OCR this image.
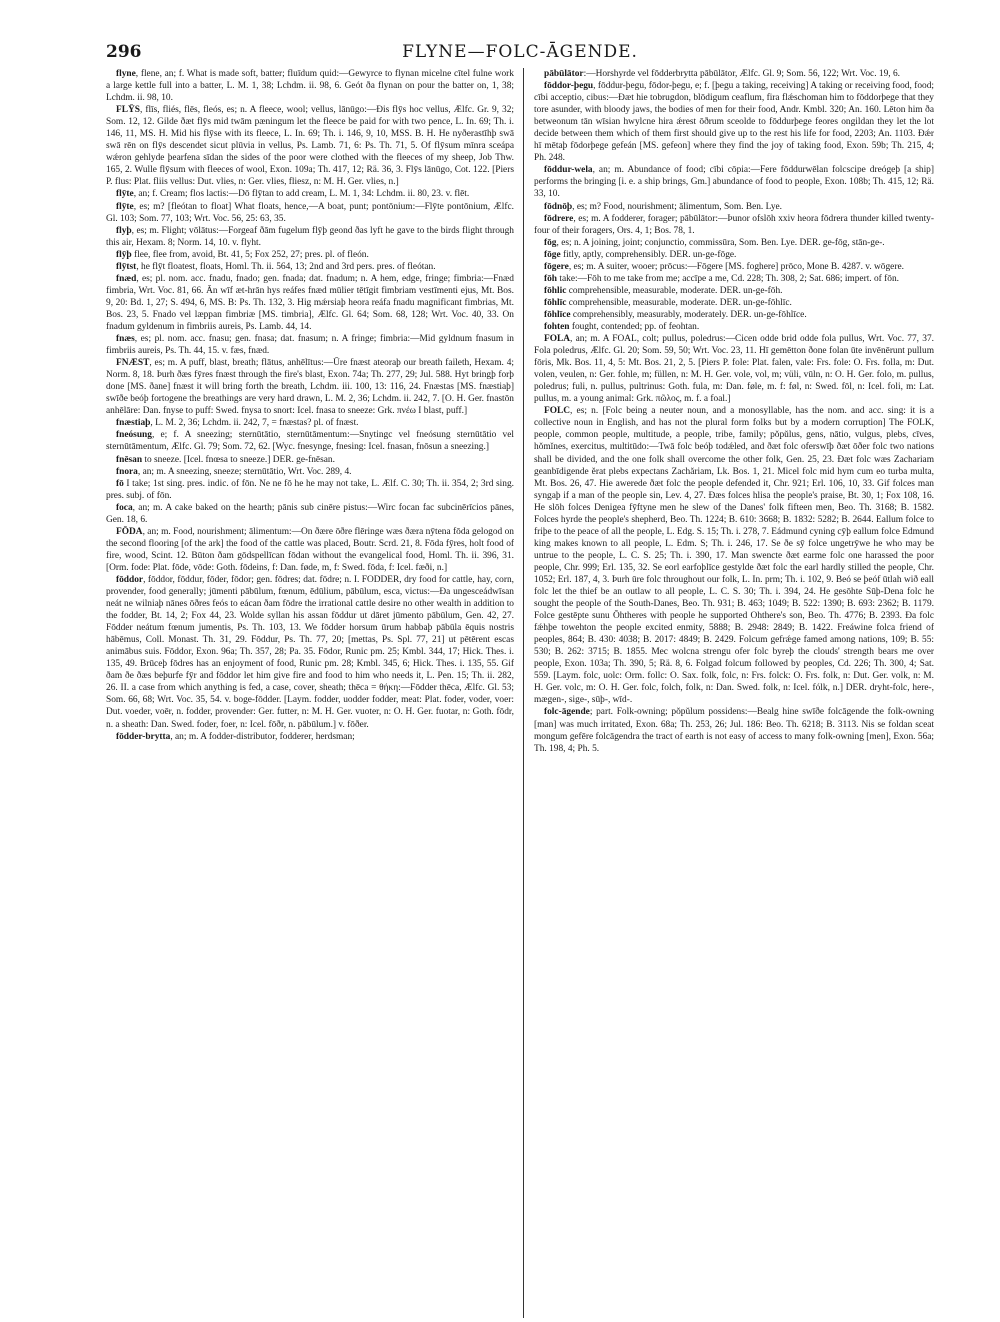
296	FLYNE—FOLC-ĀGENDE.

flyne, flene, an; f. What is made soft, batter; fluīdum quid:—Gewyrce to flynan micelne cītel fulne work a large kettle full into a batter, L. M. 1, 38; Lchdm. ii. 98, 6. Geót ða flynan on pour the batter on, 1, 38; Lchdm. ii. 98, 10.

FLȲS, flīs, fliés, flēs, fleós, es; n. A fleece, wool; vellus, lānūgo:—Ðis flȳs hoc vellus, Ælfc. Gr. 9, 32; Som. 12, 12. Gilde ðæt flȳs mid twām pæningum let the fleece be paid for with two pence, L. In. 69; Th. i. 146, 11, MS. H. Mid his flȳse with its fleece, L. In. 69; Th. i. 146, 9, 10, MSS. B. H. He nyðerastīhþ swā swā rēn on flȳs descendet sicut plūvia in vellus, Ps. Lamb. 71, 6: Ps. Th. 71, 5. Of flȳsum mīnra sceápa wǽron gehlyde þearfena sīdan the sides of the poor were clothed with the fleeces of my sheep, Job Thw. 165, 2. Wulle flȳsum with fleeces of wool, Exon. 109a; Th. 417, 12; Rä. 36, 3. Flȳs lānūgo, Cot. 122. [Piers P. flus: Plat. fliis vellus: Dut. vlies, n: Ger. vlies, fliesz, n: M. H. Ger. vlies, n.]

flȳte, an; f. Cream; flos lactis:—Dō flȳtan to add cream, L. M. 1, 34: Lchdm. ii. 80, 23. v. flēt.

flȳte, es; m? [fleótan to float] What floats, hence,—A boat, punt; pontōnium:—Flȳte pontōnium, Ælfc. Gl. 103; Som. 77, 103; Wrt. Voc. 56, 25: 63, 35.

flyþ, es; m. Flight; vōlātus:—Forgeaf ðām fugelum flȳþ geond ðas lyft he gave to the birds flight through this air, Hexam. 8; Norm. 14, 10. v. flyht.

flȳþ flee, flee from, avoid, Bt. 41, 5; Fox 252, 27; pres. pl. of fleón.

flȳtst, he flȳt floatest, floats, Homl. Th. ii. 564, 13; 2nd and 3rd pers. pres. of fleótan.

fnæd, es; pl. nom. acc. fnadu, fnado; gen. fnada; dat. fnadum; n. A hem, edge, fringe; fimbria:—Fnæd fimbria, Wrt. Voc. 81, 66. Ān wīf æt-hrān hys reáfes fnæd mūlier tētīgit fimbriam vestīmenti ejus, Mt. Bos. 9, 20: Bd. 1, 27; S. 494, 6, MS. B: Ps. Th. 132, 3. Hig mǽrsiaþ heora reáfa fnadu magnificant fimbrias, Mt. Bos. 23, 5. Fnado vel læppan fimbriæ [MS. timbria], Ælfc. Gl. 64; Som. 68, 128; Wrt. Voc. 40, 33. On fnadum gyldenum in fimbriis aureis, Ps. Lamb. 44, 14.

fnæs, es; pl. nom. acc. fnasu; gen. fnasa; dat. fnasum; n. A fringe; fimbria:—Mid gyldnum fnasum in fimbriis aureis, Ps. Th. 44, 15. v. fæs, fnæd.

FNÆST, es; m. A puff, blast, breath; flātus, anhēlītus:—Ūre fnæst ateoraþ our breath faileth, Hexam. 4; Norm. 8, 18. Þurh ðæs fȳres fnæst through the fire's blast, Exon. 74a; Th. 277, 29; Jul. 588. Hyt bringþ forþ done [MS. ðane] fnæst it will bring forth the breath, Lchdm. iii. 100, 13: 116, 24. Fnæstas [MS. fnæstiaþ] swīðe beóþ fortogene the breathings are very hard drawn, L. M. 2, 36; Lchdm. ii. 242, 7. [O. H. Ger. fnastōn anhēlāre: Dan. fnyse to puff: Swed. fnysa to snort: Icel. fnasa to sneeze: Grk. πνέω I blast, puff.]

fnæstiaþ, L. M. 2, 36; Lchdm. ii. 242, 7, = fnæstas? pl. of fnæst.

fneósung, e; f. A sneezing; sternūtātio, sternūtāmentum:—Snytingc vel fneósung sternūtātio vel sternūtāmentum, Ælfc. Gl. 79; Som. 72, 62. [Wyc. fnesynge, fnesing: Icel. fnasan, fnōsun a sneezing.]

fnēsan to sneeze. [Icel. fnœsa to sneeze.] DER. ge-fnēsan.

fnora, an; m. A sneezing, sneeze; sternūtātio, Wrt. Voc. 289, 4.

fō I take; 1st sing. pres. indic. of fōn. Ne ne fō he he may not take, L. Ælf. C. 30; Th. ii. 354, 2; 3rd sing. pres. subj. of fōn.

foca, an; m. A cake baked on the hearth; pānis sub cinēre pistus:—Wirc focan fac subcinērīcios pānes, Gen. 18, 6.

FŌDA, an; m. Food, nourishment; ālimentum:—On ðære ōðre flēringe wæs ðæra nȳtena fōda gelogod on the second flooring [of the ark] the food of the cattle was placed, Boutr. Scrd. 21, 8. Fōda fȳres, holt food of fire, wood, Scint. 12. Būton ðam gōdspellīcan fōdan without the evangelical food, Homl. Th. ii. 396, 31. [Orm. fode: Plat. fōde, vōde: Goth. fōdeins, f: Dan. føde, m, f: Swed. fōda, f: Icel. fæði, n.]

fōddor, fōddor, fōddur, fōder, fōdor; gen. fōdres; dat. fōdre; n. I. FODDER, dry food for cattle, hay, corn, provender, food generally; jūmenti pābūlum, fœnum, ēdūlium, pābūlum, esca, victus:—Ða ungesceádwīsan neát ne wilniaþ nānes ōðres feós to eácan ðam fōdre the irrational cattle desire no other wealth in addition to the fodder, Bt. 14, 2; Fox 44, 23. Wolde syllan his assan fōddur ut dāret jūmento pābūlum, Gen. 42, 27. Fōdder neátum fœnum jumentis, Ps. Th. 103, 13. We fōdder horsum ūrum habbaþ pābūla ēquis nostris hābēmus, Coll. Monast. Th. 31, 29. Fōddur, Ps. Th. 77, 20; [mettas, Ps. Spl. 77, 21] ut pētērent escas animābus suis. Fōddor, Exon. 96a; Th. 357, 28; Pa. 35. Fōdor, Runic pm. 25; Kmbl. 344, 17; Hick. Thes. i. 135, 49. Brūceþ fōdres has an enjoyment of food, Runic pm. 28; Kmbl. 345, 6; Hick. Thes. i. 135, 55. Gif ðam ðe ðæs beþurfe fȳr and fōddor let him give fire and food to him who needs it, L. Pen. 15; Th. ii. 282, 26. II. a case from which anything is fed, a case, cover, sheath; thēca = θήκη:—Fōdder thēca, Ælfc. Gl. 53; Som. 66, 68; Wrt. Voc. 35, 54. v. boge-fōdder. [Laym. fodder, uodder fodder, meat: Plat. foder, voder, voer: Dut. voeder, voēr, n. fodder, provender: Ger. futter, n: M. H. Ger. vuoter, n: O. H. Ger. fuotar, n: Goth. fōdr, n. a sheath: Dan. Swed. foder, foer, n: Icel. fōðr, n. pābūlum.] v. fōðer.

fōdder-brytta, an; m. A fodder-distributor, fodderer, herdsman;

pābūlātor:—Horshyrde vel fōdderbrytta pābūlātor, Ælfc. Gl. 9; Som. 56, 122; Wrt. Voc. 19, 6.

fōddor-þegu, fōddur-þegu, fōdor-þegu, e; f. [þegu a taking, receiving] A taking or receiving food, food; cībi acceptio, cibus:—Ðæt hie tobrugdon, blōdigum ceaflum, fira flǽschoman him to fōddorþege that they tore asunder, with bloody jaws, the bodies of men for their food, Andr. Kmbl. 320; An. 160. Lēton him ða betweonum tān wīsian hwylcne hira ǽrest ōðrum sceolde to fōddurþege feores ongildan they let the lot decide between them which of them first should give up to the rest his life for food, 2203; An. 1103. Ðǽr hī mētaþ fōdorþege gefeán [MS. gefeon] where they find the joy of taking food, Exon. 59b; Th. 215, 4; Ph. 248.

fōddur-wela, an; m. Abundance of food; cībi cōpia:—Fere fōddurwēlan folcscipe dreógeþ [a ship] performs the bringing [i. e. a ship brings, Gm.] abundance of food to people, Exon. 108b; Th. 415, 12; Rä. 33, 10.

fōdnōþ, es; m? Food, nourishment; ālimentum, Som. Ben. Lye.

fōdrere, es; m. A fodderer, forager; pābūlātor:—Þunor ofslōh xxiv heora fōdrera thunder killed twenty-four of their foragers, Ors. 4, 1; Bos. 78, 1.

fōg, es; n. A joining, joint; conjunctio, commissūra, Som. Ben. Lye. DER. ge-fōg, stān-ge-.

fōge fitly, aptly, comprehensibly. DER. un-ge-fōge.

fōgere, es; m. A suiter, wooer; prōcus:—Fōgere [MS. foghere] prōco, Mone B. 4287. v. wōgere.

fōh take:—Fōh to me take from me; accīpe a me, Cd. 228; Th. 308, 2; Sat. 686; impert. of fōn.

fōhlic comprehensible, measurable, moderate. DER. un-ge-fōh.

fōhlīc comprehensible, measurable, moderate. DER. un-ge-fōhlīc.

fōhlīce comprehensibly, measurably, moderately. DER. un-ge-fōhlīce.

fohten fought, contended; pp. of feohtan.

FOLA, an; m. A FOAL, colt; pullus, poledrus:—Cicen odde brid odde fola pullus, Wrt. Voc. 77, 37. Fola poledrus, Ælfc. Gl. 20; Som. 59, 50; Wrt. Voc. 23, 11. Hī gemētton ðone folan ūte invēnērunt pullum fōris, Mk. Bos. 11, 4, 5: Mt. Bos. 21, 2, 5. [Piers P. fole: Plat. falen, vale: Frs. fole: O. Frs. folla, m: Dut. volen, veulen, n: Ger. fohle, m; füllen, n: M. H. Ger. vole, vol, m; vüli, vūln, n: O. H. Ger. folo, m. pullus, poledrus; fuli, n. pullus, pultrinus: Goth. fula, m: Dan. føle, m. f: føl, n: Swed. fōl, n: Icel. foli, m: Lat. pullus, m. a young animal: Grk. πῶλος, m. f. a foal.]

FOLC, es; n. [Folc being a neuter noun, and a monosyllable, has the nom. and acc. sing: it is a collective noun in English, and has not the plural form folks but by a modern corruption] The FOLK, people, common people, multitude, a people, tribe, family; pŏpŭlus, gens, nātio, vulgus, plebs, cīves, hŏmĭnes, exercitus, multitūdo:—Twā folc beóþ todǽled, and ðæt folc oferswīþ ðæt ōðer folc two nations shall be divided, and the one folk shall overcome the other folk, Gen. 25, 23. Ðæt folc wæs Zachariam geanbīdigende ĕrat plebs expectans Zachăriam, Lk. Bos. 1, 21. Micel folc mid hym cum eo turba multa, Mt. Bos. 26, 47. Hie awerede ðæt folc the people defended it, Chr. 921; Erl. 106, 10, 33. Gif folces man syngaþ if a man of the people sin, Lev. 4, 27. Ðæs folces hlisa the people's praise, Bt. 30, 1; Fox 108, 16. He slōh folces Denigea fȳftyne men he slew of the Danes' folk fifteen men, Beo. Th. 3168; B. 1582. Folces hyrde the people's shepherd, Beo. Th. 1224; B. 610: 3668; B. 1832: 5282; B. 2644. Eallum folce to friþe to the peace of all the people, L. Edg. S. 15; Th. i. 278, 7. Eádmund cyning cȳþ eallum folce Edmund king makes known to all people, L. Edm. S; Th. i. 246, 17. Se ðe sȳ folce ungetrȳwe he who may be untrue to the people, L. C. S. 25; Th. i. 390, 17. Man swencte ðæt earme folc one harassed the poor people, Chr. 999; Erl. 135, 32. Se eorl earfoþlīce gestylde ðæt folc the earl hardly stilled the people, Chr. 1052; Erl. 187, 4, 3. Þurh ūre folc throughout our folk, L. In. prm; Th. i. 102, 9. Beó se þeóf ūtlah wið eall folc let the thief be an outlaw to all people, L. C. S. 30; Th. i. 394, 24. He gesōhte Sūþ-Dena folc he sought the people of the South-Danes, Beo. Th. 931; B. 463; 1049; B. 522: 1390; B. 693: 2362; B. 1179. Folce gestēpte sunu Ōhtheres with people he supported Ohthere's son, Beo. Th. 4776; B. 2393. Ða folc fǽhþe towehton the people excited enmity, 5888; B. 2948: 2849; B. 1422. Freáwine folca friend of peoples, 864; B. 430: 4038; B. 2017: 4849; B. 2429. Folcum gefrǽge famed among nations, 109; B. 55: 530; B. 262: 3715; B. 1855. Mec wolcna strengu ofer folc byreþ the clouds' strength bears me over people, Exon. 103a; Th. 390, 5; Rä. 8, 6. Folgad folcum followed by peoples, Cd. 226; Th. 300, 4; Sat. 559. [Laym. folc, uolc: Orm. follc: O. Sax. folk, folc, n: Frs. folck: O. Frs. folk, n: Dut. Ger. volk, n: M. H. Ger. volc, m: O. H. Ger. folc, folch, folk, n: Dan. Swed. folk, n: Icel. fólk, n.] DER. dryht-folc, here-, mægen-, sige-, sūþ-, wīd-.

folc-āgende; part. Folk-owning; pŏpŭlum possidens:—Bealg hine swīðe folcāgende the folk-owning [man] was much irritated, Exon. 68a; Th. 253, 26; Jul. 186: Beo. Th. 6218; B. 3113. Nis se foldan sceat mongum gefēre folcāgendra the tract of earth is not easy of access to many folk-owning [men], Exon. 56a; Th. 198, 4; Ph. 5.
